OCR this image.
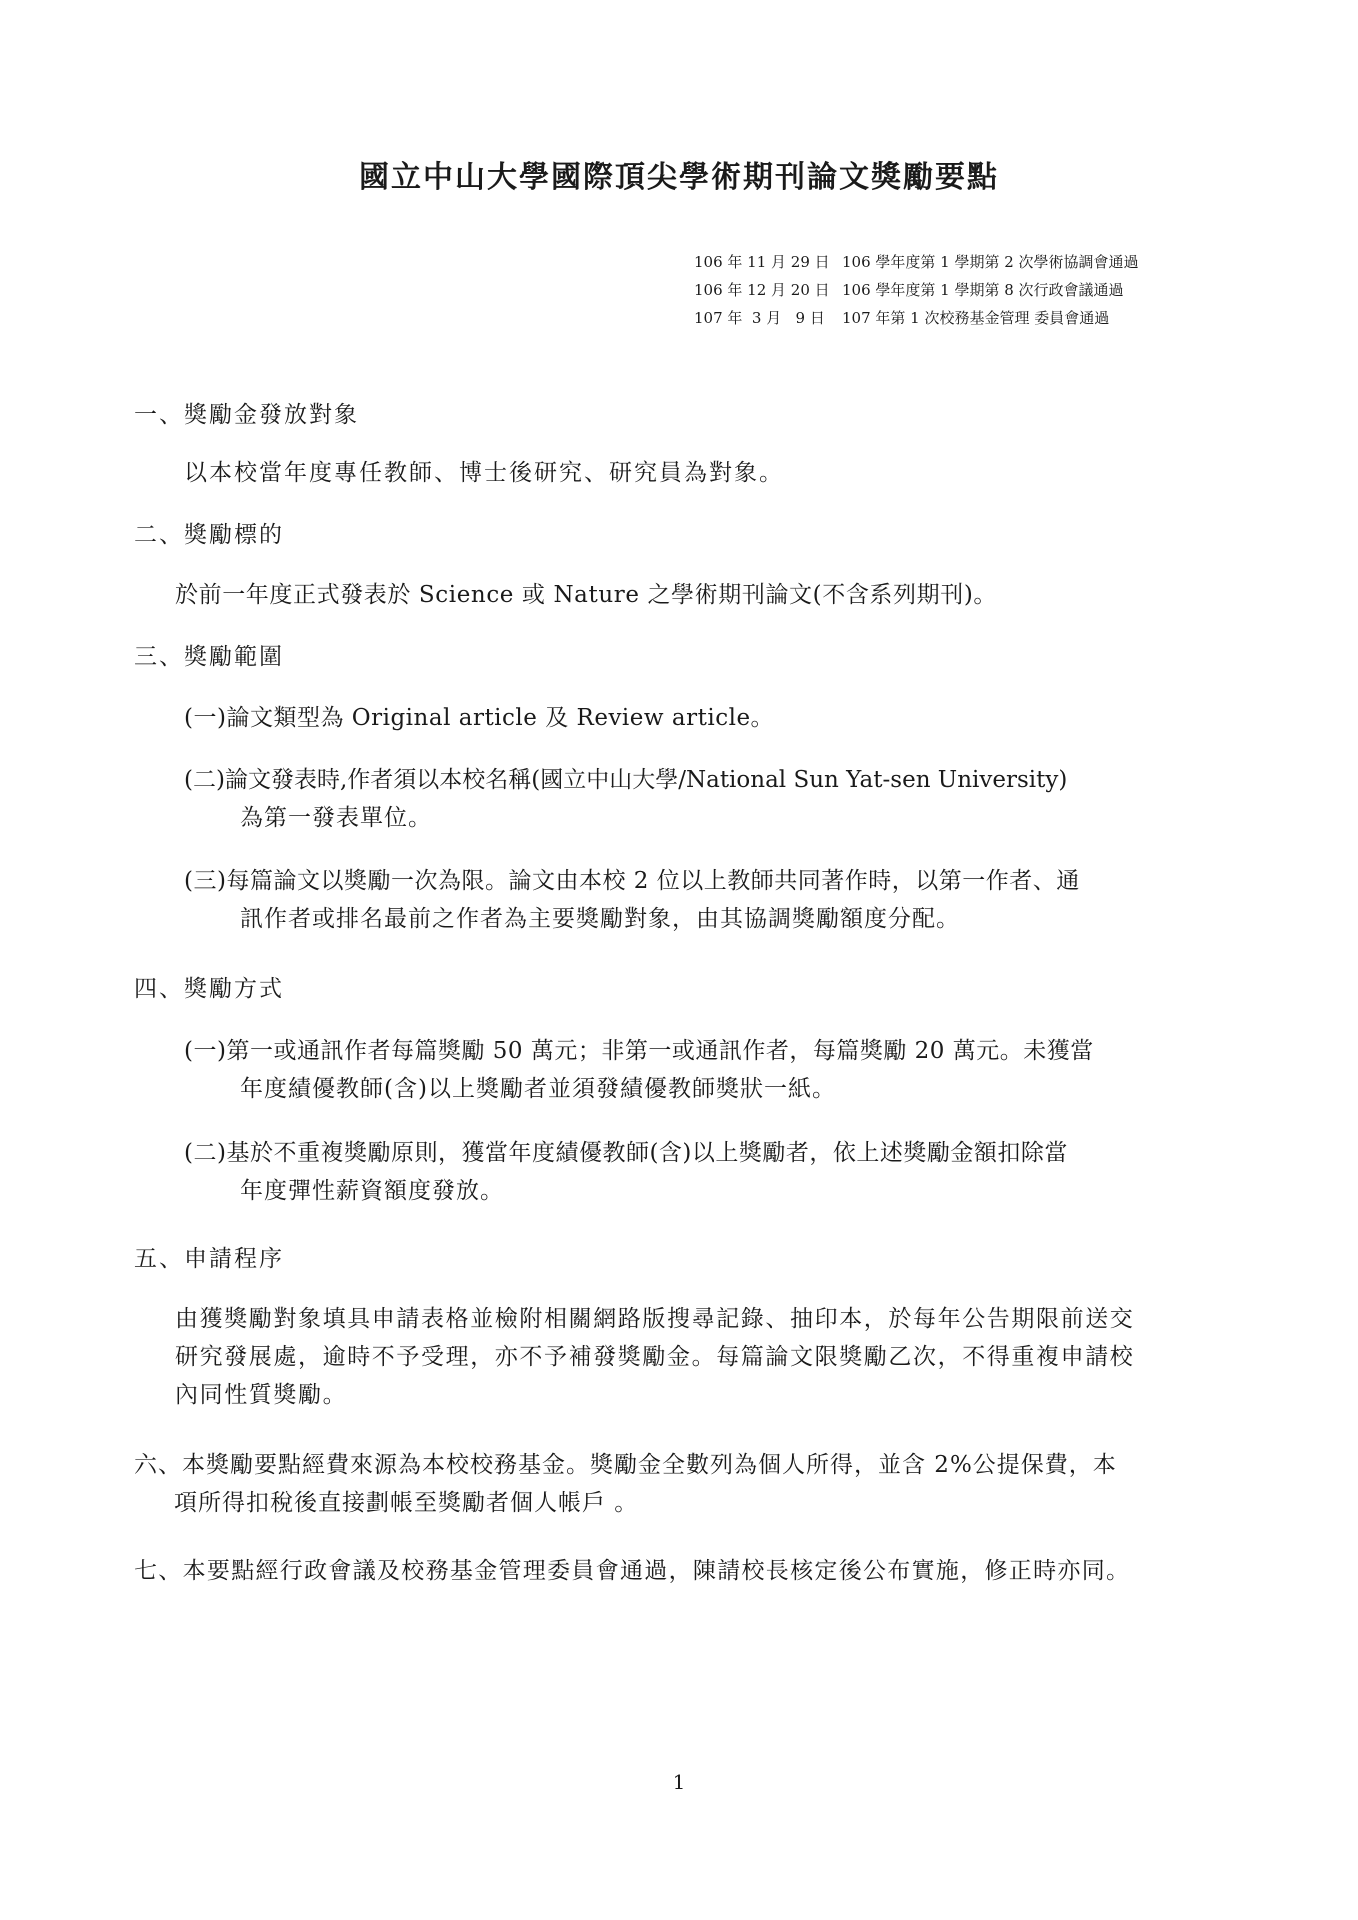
國立中山大學國際頂尖學術期刊論文獎勵要點
106 年 11 月 29 日 106 學年度第 1 學期第 2 次學術協調會通過
106 年 12 月 20 日 106 學年度第 1 學期第 8 次行政會議通過
107 年  3 月   9 日 107 年第 1 次校務基金管理 委員會通過
一、獎勵金發放對象
以本校當年度專任教師、博士後研究、研究員為對象。
二、獎勵標的
於前一年度正式發表於 Science 或 Nature 之學術期刊論文(不含系列期刊)。
三、獎勵範圍
(一)論文類型為 Original article 及 Review article。
(二)論文發表時,作者須以本校名稱(國立中山大學/National Sun Yat-sen University)
為第一發表單位。
(三)每篇論文以獎勵一次為限。論文由本校 2 位以上教師共同著作時，以第一作者、通
訊作者或排名最前之作者為主要獎勵對象，由其協調獎勵額度分配。
四、獎勵方式
(一)第一或通訊作者每篇獎勵 50 萬元；非第一或通訊作者，每篇獎勵 20 萬元。未獲當
年度績優教師(含)以上獎勵者並須發績優教師獎狀一紙。
(二)基於不重複獎勵原則，獲當年度績優教師(含)以上獎勵者，依上述獎勵金額扣除當
年度彈性薪資額度發放。
五、申請程序
由獲獎勵對象填具申請表格並檢附相關網路版搜尋記錄、抽印本，於每年公告期限前送交
研究發展處，逾時不予受理，亦不予補發獎勵金。每篇論文限獎勵乙次，不得重複申請校
內同性質獎勵。
六、本獎勵要點經費來源為本校校務基金。獎勵金全數列為個人所得，並含 2%公提保費，本
項所得扣稅後直接劃帳至獎勵者個人帳戶 。
七、本要點經行政會議及校務基金管理委員會通過，陳請校長核定後公布實施，修正時亦同。
1
